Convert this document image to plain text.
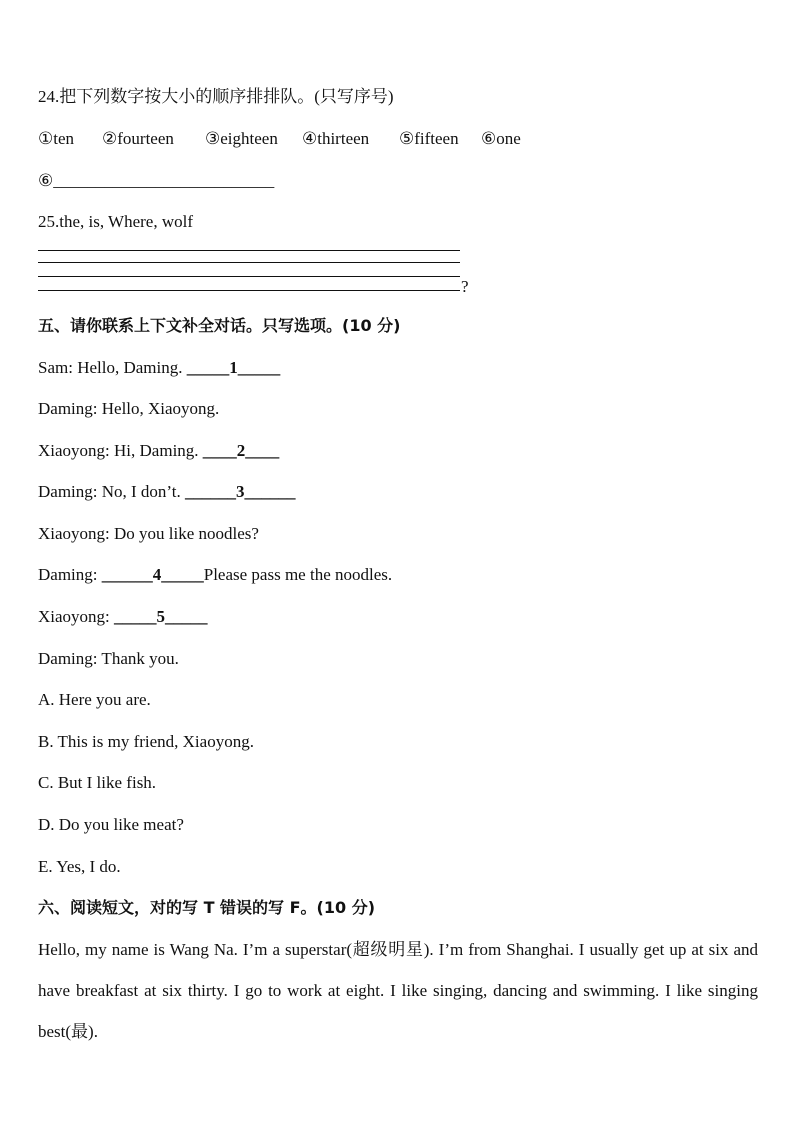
24.把下列数字按大小的顺序排排队。(只写序号)
①ten ②fourteen ③eighteen ④thirteen ⑤fifteen ⑥one
⑥__________________________
25.the, is, Where, wolf
?
五、请你联系上下文补全对话。只写选项。(10 分)
Sam: Hello, Daming. _____1_____
Daming: Hello, Xiaoyong.
Xiaoyong: Hi, Daming. ____2____
Daming: No, I don’t. ______3______
Xiaoyong: Do you like noodles?
Daming: ______4_____Please pass me the noodles.
Xiaoyong: _____5_____
Daming: Thank you.
A. Here you are.
B. This is my friend, Xiaoyong.
C. But I like fish.
D. Do you like meat?
E. Yes, I do.
六、阅读短文，对的写 T 错误的写 F。(10 分)
Hello, my name is Wang Na. I’m a superstar(超级明星). I’m from Shanghai. I usually get up at six and have breakfast at six thirty. I go to work at eight. I like singing, dancing and swimming. I like singing best(最).
